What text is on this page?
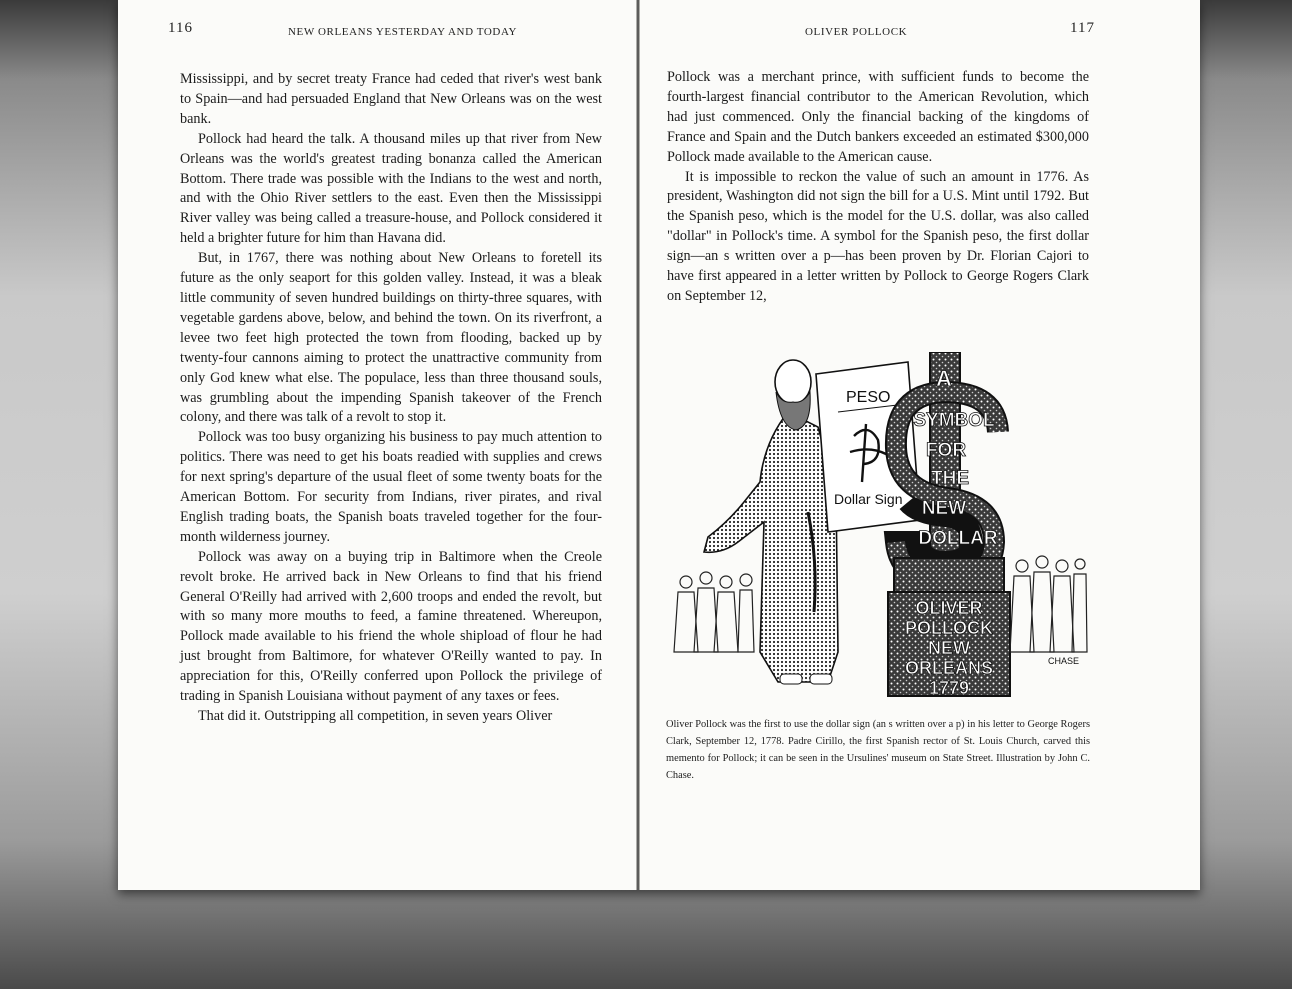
116	NEW ORLEANS YESTERDAY AND TODAY

Mississippi, and by secret treaty France had ceded that river's west bank to Spain—and had persuaded England that New Orleans was on the west bank.

Pollock had heard the talk. A thousand miles up that river from New Orleans was the world's greatest trading bonanza called the American Bottom. There trade was possible with the Indians to the west and north, and with the Ohio River settlers to the east. Even then the Mississippi River valley was being called a treasure-house, and Pollock considered it held a brighter future for him than Havana did.

But, in 1767, there was nothing about New Orleans to foretell its future as the only seaport for this golden valley. Instead, it was a bleak little community of seven hundred buildings on thirty-three squares, with vegetable gardens above, below, and behind the town. On its riverfront, a levee two feet high protected the town from flooding, backed up by twenty-four cannons aiming to protect the unattractive community from only God knew what else. The populace, less than three thousand souls, was grumbling about the impending Spanish takeover of the French colony, and there was talk of a revolt to stop it.

Pollock was too busy organizing his business to pay much attention to politics. There was need to get his boats readied with supplies and crews for next spring's departure of the usual fleet of some twenty boats for the American Bottom. For security from Indians, river pirates, and rival English trading boats, the Spanish boats traveled together for the four-month wilderness journey.

Pollock was away on a buying trip in Baltimore when the Creole revolt broke. He arrived back in New Orleans to find that his friend General O'Reilly had arrived with 2,600 troops and ended the revolt, but with so many more mouths to feed, a famine threatened. Whereupon, Pollock made available to his friend the whole shipload of flour he had just brought from Baltimore, for whatever O'Reilly wanted to pay. In appreciation for this, O'Reilly conferred upon Pollock the privilege of trading in Spanish Louisiana without payment of any taxes or fees.

That did it. Outstripping all competition, in seven years Oliver

OLIVER POLLOCK	117

Pollock was a merchant prince, with sufficient funds to become the fourth-largest financial contributor to the American Revolution, which had just commenced. Only the financial backing of the kingdoms of France and Spain and the Dutch bankers exceeded an estimated $300,000 Pollock made available to the American cause.

It is impossible to reckon the value of such an amount in 1776. As president, Washington did not sign the bill for a U.S. Mint until 1792. But the Spanish peso, which is the model for the U.S. dollar, was also called "dollar" in Pollock's time. A symbol for the Spanish peso, the first dollar sign—an s written over a p—has been proven by Dr. Florian Cajori to have first appeared in a letter written by Pollock to George Rogers Clark on September 12,

PESO
Dollar Sign
A
SYMBOL
FOR
THE
NEW
DOLLAR
OLIVER
POLLOCK
NEW
ORLEANS
1779
CHASE
Oliver Pollock was the first to use the dollar sign (an s written over a p) in his letter to George Rogers Clark, September 12, 1778. Padre Cirillo, the first Spanish rector of St. Louis Church, carved this memento for Pollock; it can be seen in the Ursulines' museum on State Street. Illustration by John C. Chase.
